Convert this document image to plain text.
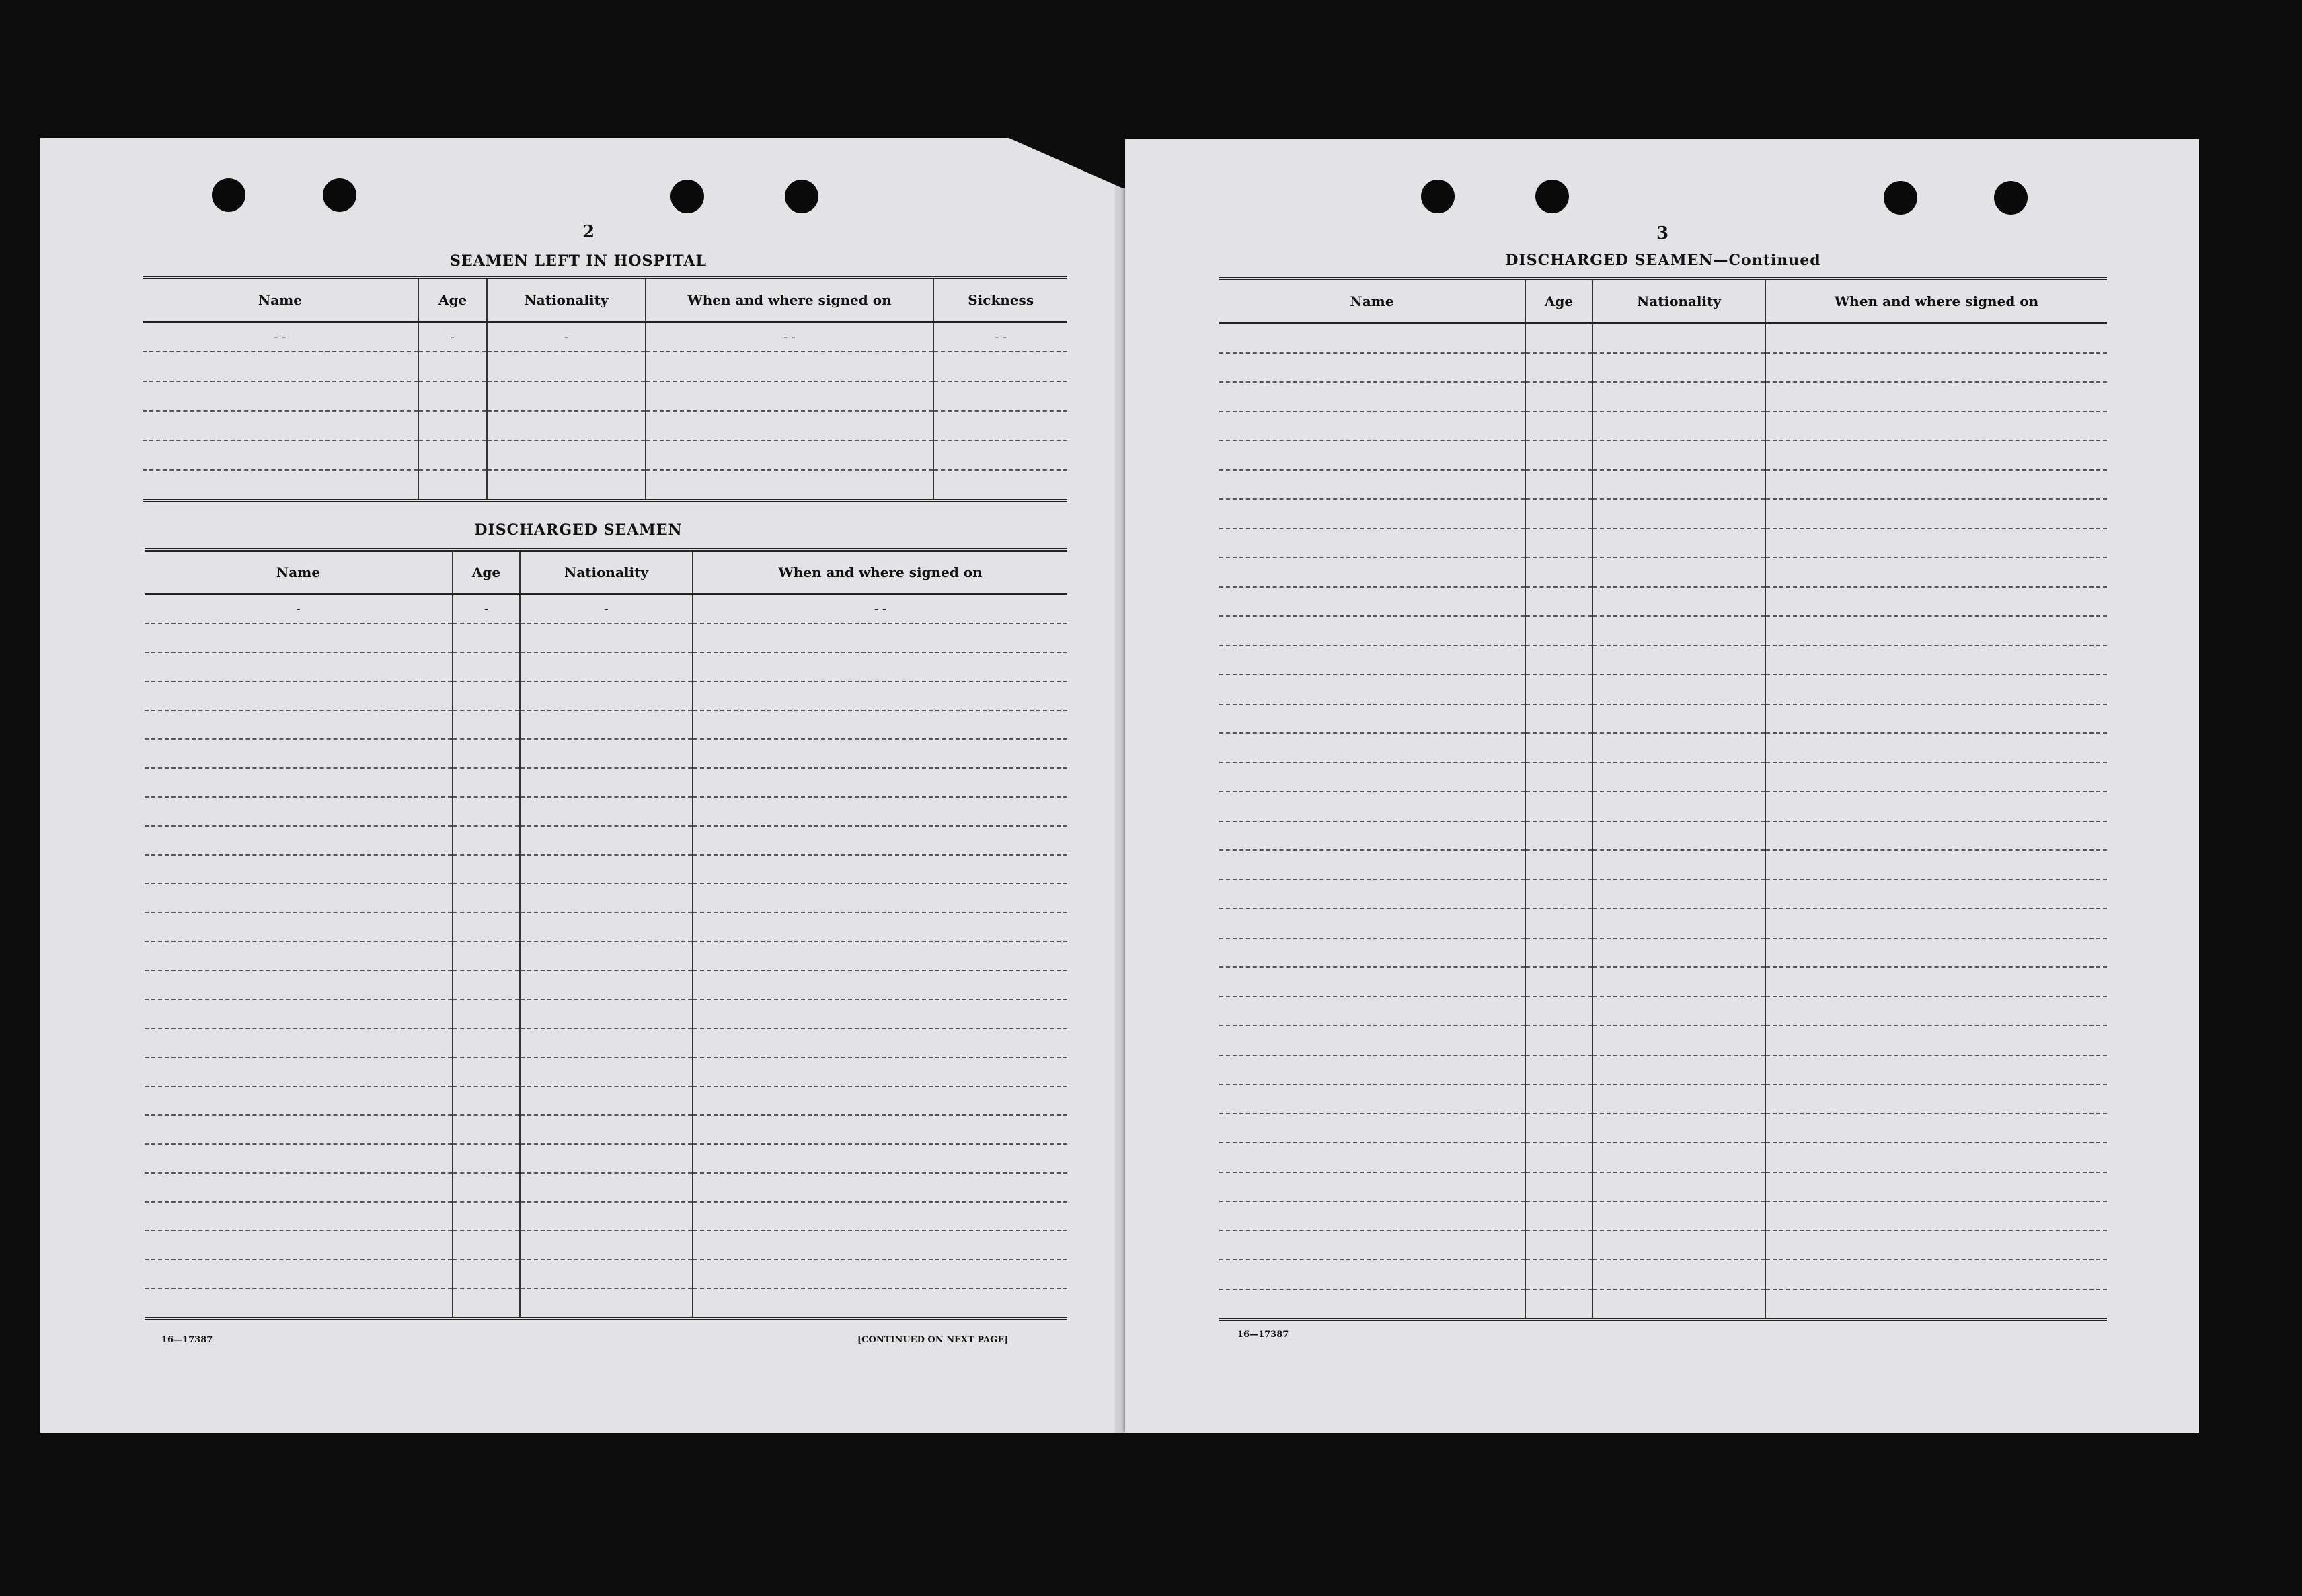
2
SEAMEN LEFT IN HOSPITAL
Name	Age	Nationality	When and where signed on	Sickness

- -	-	-	- -	- -

DISCHARGED SEAMEN
Name	Age	Nationality	When and where signed on

-	-	-	- -

16—17387	[CONTINUED ON NEXT PAGE]
3
DISCHARGED SEAMEN—Continued
Name	Age	Nationality	When and where signed on

16—17387
